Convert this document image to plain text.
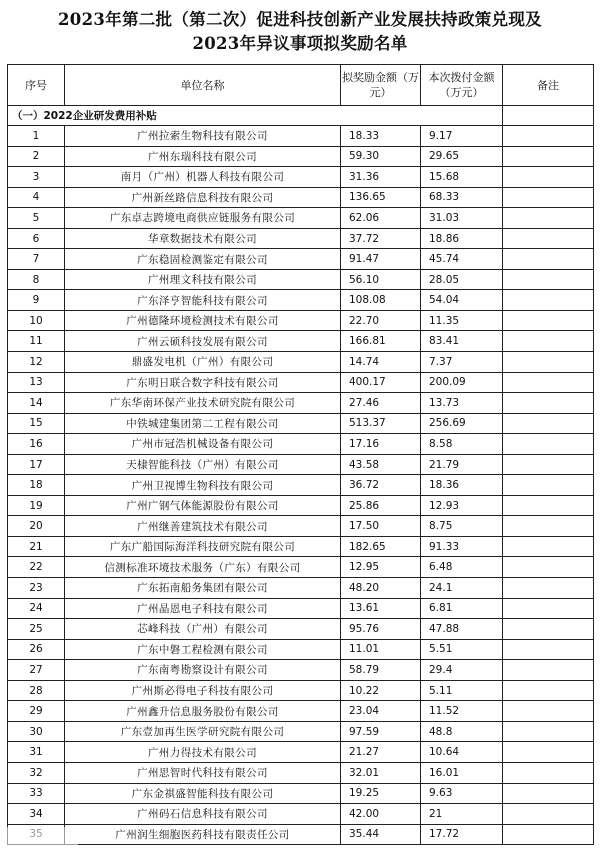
2023年第二批（第二次）促进科技创新产业发展扶持政策兑现及
2023年异议事项拟奖励名单
序号	单位名称	拟奖励金额（万元）	本次拨付金额（万元）	备注
（一）2022企业研发费用补贴				
1	广州拉索生物科技有限公司	18.33	9.17	
2	广州东瑞科技有限公司	59.30	29.65	
3	南月（广州）机器人科技有限公司	31.36	15.68	
4	广州新丝路信息科技有限公司	136.65	68.33	
5	广东卓志跨境电商供应链服务有限公司	62.06	31.03	
6	华章数据技术有限公司	37.72	18.86	
7	广东稳固检测鉴定有限公司	91.47	45.74	
8	广州理文科技有限公司	56.10	28.05	
9	广东泽亨智能科技有限公司	108.08	54.04	
10	广州德隆环境检测技术有限公司	22.70	11.35	
11	广州云硕科技发展有限公司	166.81	83.41	
12	鼎盛发电机（广州）有限公司	14.74	7.37	
13	广东明日联合数字科技有限公司	400.17	200.09	
14	广东华南环保产业技术研究院有限公司	27.46	13.73	
15	中铁城建集团第二工程有限公司	513.37	256.69	
16	广州市冠浩机械设备有限公司	17.16	8.58	
17	天棣智能科技（广州）有限公司	43.58	21.79	
18	广州卫视博生物科技有限公司	36.72	18.36	
19	广州广钢气体能源股份有限公司	25.86	12.93	
20	广州继善建筑技术有限公司	17.50	8.75	
21	广东广船国际海洋科技研究院有限公司	182.65	91.33	
22	信测标准环境技术服务（广东）有限公司	12.95	6.48	
23	广东拓南船务集团有限公司	48.20	24.1	
24	广州晶恩电子科技有限公司	13.61	6.81	
25	芯峰科技（广州）有限公司	95.76	47.88	
26	广东中磐工程检测有限公司	11.01	5.51	
27	广东南粤勘察设计有限公司	58.79	29.4	
28	广州斯必得电子科技有限公司	10.22	5.11	
29	广州鑫升信息服务股份有限公司	23.04	11.52	
30	广东壹加再生医学研究院有限公司	97.59	48.8	
31	广州力得技术有限公司	21.27	10.64	
32	广州思智时代科技有限公司	32.01	16.01	
33	广东金祺盛智能科技有限公司	19.25	9.63	
34	广州码石信息科技有限公司	42.00	21	
	广州润生细胞医药科技有限责任公司	35.44	17.72	
